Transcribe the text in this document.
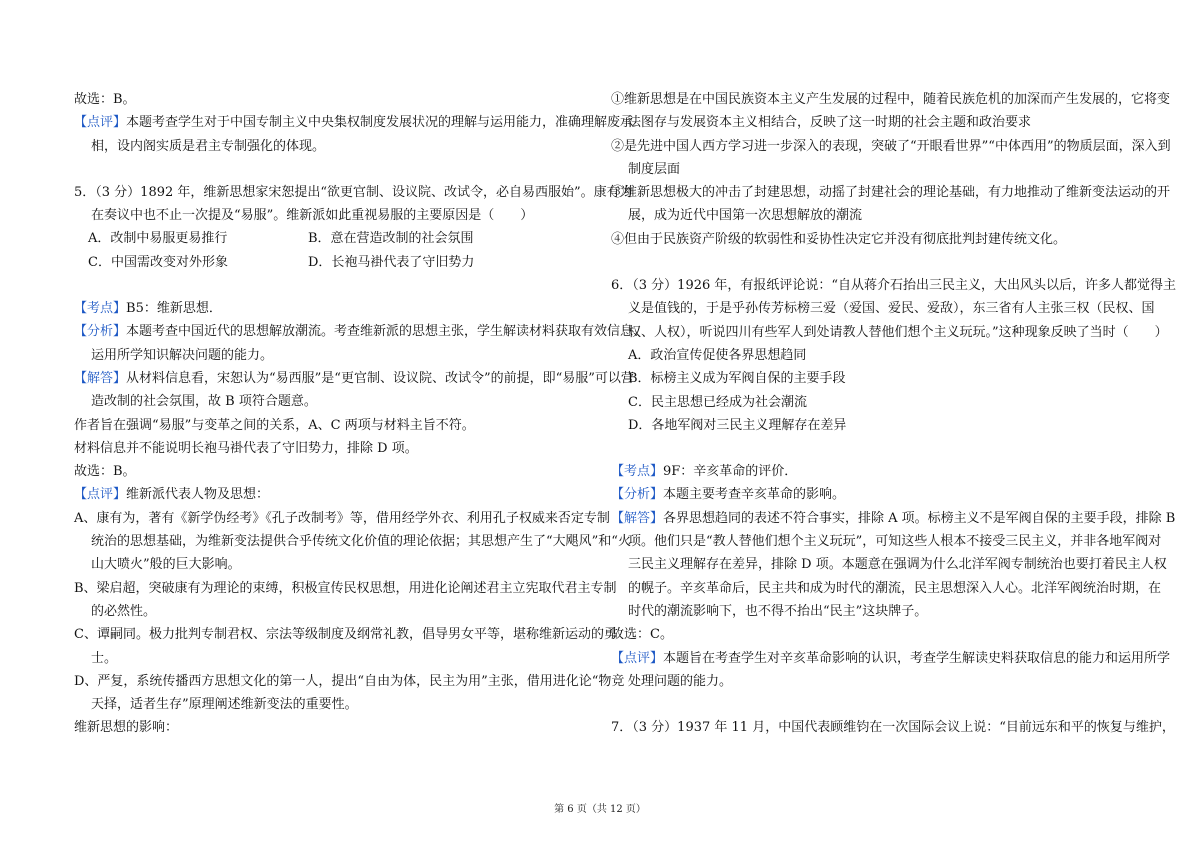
故选：B。
【点评】本题考查学生对于中国专制主义中央集权制度发展状况的理解与运用能力，准确理解废承
相，设内阁实质是君主专制强化的体现。
5．（3 分）1892 年，维新思想家宋恕提出“欲更官制、设议院、改试令，必自易西服始”。康有为
在奏议中也不止一次提及“易服”。维新派如此重视易服的主要原因是（　　）
A．改制中易服更易推行	B．意在营造改制的社会氛围
C．中国需改变对外形象	D．长袍马褂代表了守旧势力
【考点】B5：维新思想．
【分析】本题考查中国近代的思想解放潮流。考查维新派的思想主张，学生解读材料获取有效信息、
运用所学知识解决问题的能力。
【解答】从材料信息看，宋恕认为“易西服”是“更官制、设议院、改试令”的前提，即“易服”可以营
造改制的社会氛围，故 B 项符合题意。
作者旨在强调“易服”与变革之间的关系，A、C 两项与材料主旨不符。
材料信息并不能说明长袍马褂代表了守旧势力，排除 D 项。
故选：B。
【点评】维新派代表人物及思想：
A、康有为，著有《新学伪经考》《孔子改制考》等，借用经学外衣、利用孔子权威来否定专制
统治的思想基础，为维新变法提供合乎传统文化价值的理论依据；其思想产生了“大飓风”和“火
山大喷火”般的巨大影响。
B、梁启超，突破康有为理论的束缚，积极宣传民权思想，用进化论阐述君主立宪取代君主专制
的必然性。
C、谭嗣同。极力批判专制君权、宗法等级制度及纲常礼教，倡导男女平等，堪称维新运动的勇
士。
D、严复，系统传播西方思想文化的第一人，提出“自由为体，民主为用”主张，借用进化论“物竞
天择，适者生存”原理阐述维新变法的重要性。
维新思想的影响：
①维新思想是在中国民族资本主义产生发展的过程中，随着民族危机的加深而产生发展的，它将变
法图存与发展资本主义相结合，反映了这一时期的社会主题和政治要求
②是先进中国人西方学习进一步深入的表现，突破了“开眼看世界”“中体西用”的物质层面，深入到
制度层面
③维新思想极大的冲击了封建思想，动摇了封建社会的理论基础，有力地推动了维新变法运动的开
展，成为近代中国第一次思想解放的潮流
④但由于民族资产阶级的软弱性和妥协性决定它并没有彻底批判封建传统文化。
6．（3 分）1926 年，有报纸评论说：“自从蒋介石抬出三民主义，大出风头以后，许多人都觉得主
义是值钱的，于是乎孙传芳标榜三爱（爱国、爱民、爱敌），东三省有人主张三权（民权、国
权、人权），听说四川有些军人到处请教人替他们想个主义玩玩。”这种现象反映了当时（　　）
A．政治宣传促使各界思想趋同
B．标榜主义成为军阀自保的主要手段
C．民主思想已经成为社会潮流
D．各地军阀对三民主义理解存在差异
【考点】9F：辛亥革命的评价．
【分析】本题主要考查辛亥革命的影响。
【解答】各界思想趋同的表述不符合事实，排除 A 项。标榜主义不是军阀自保的主要手段，排除 B
项。他们只是“教人替他们想个主义玩玩”，可知这些人根本不接受三民主义，并非各地军阀对
三民主义理解存在差异，排除 D 项。本题意在强调为什么北洋军阀专制统治也要打着民主人权
的幌子。辛亥革命后，民主共和成为时代的潮流，民主思想深入人心。北洋军阀统治时期，在
时代的潮流影响下，也不得不抬出“民主”这块牌子。
故选：C。
【点评】本题旨在考查学生对辛亥革命影响的认识，考查学生解读史料获取信息的能力和运用所学
处理问题的能力。
7．（3 分）1937 年 11 月，中国代表顾维钧在一次国际会议上说：“目前远东和平的恢复与维护，
第 6 页（共 12 页）
